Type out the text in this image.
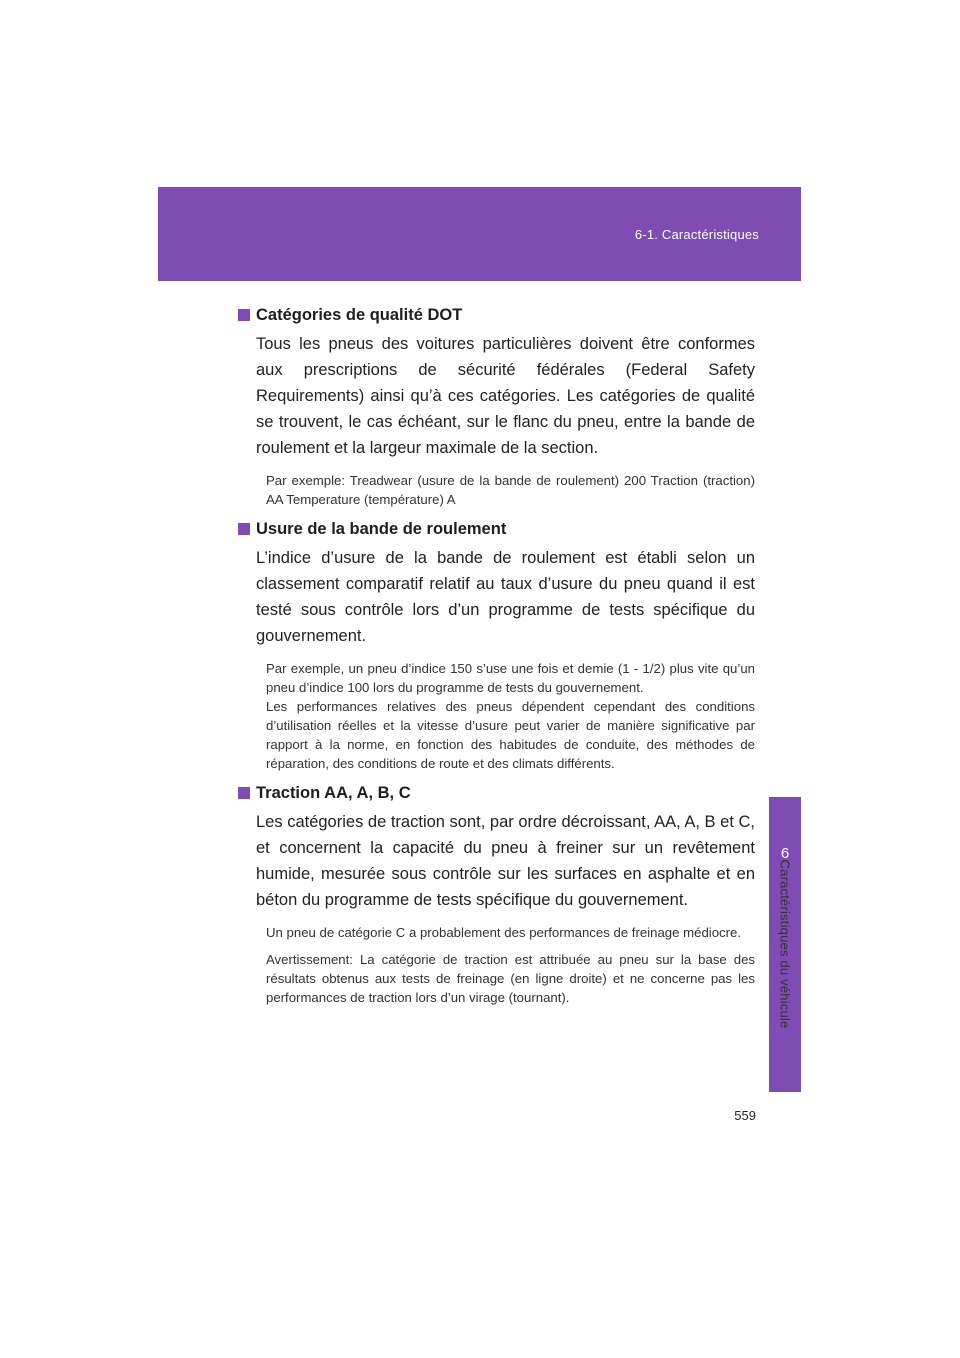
6-1. Caractéristiques
6
Caractéristiques du véhicule
Catégories de qualité DOT

Tous les pneus des voitures particulières doivent être conformes aux prescriptions de sécurité fédérales (Federal Safety Requirements) ainsi qu’à ces catégories. Les catégories de qualité se trouvent, le cas échéant, sur le flanc du pneu, entre la bande de roulement et la largeur maximale de la section.

Par exemple: Treadwear (usure de la bande de roulement) 200 Traction (traction) AA Temperature (température) A

Usure de la bande de roulement

L’indice d’usure de la bande de roulement est établi selon un classement comparatif relatif au taux d’usure du pneu quand il est testé sous contrôle lors d’un programme de tests spécifique du gouvernement.

Par exemple, un pneu d’indice 150 s’use une fois et demie (1 - 1/2) plus vite qu’un pneu d’indice 100 lors du programme de tests du gouvernement.

Les performances relatives des pneus dépendent cependant des conditions d’utilisation réelles et la vitesse d’usure peut varier de manière significative par rapport à la norme, en fonction des habitudes de conduite, des méthodes de réparation, des conditions de route et des climats différents.

Traction AA, A, B, C

Les catégories de traction sont, par ordre décroissant, AA, A, B et C, et concernent la capacité du pneu à freiner sur un revêtement humide, mesurée sous contrôle sur les surfaces en asphalte et en béton du programme de tests spécifique du gouvernement.

Un pneu de catégorie C a probablement des performances de freinage médiocre.

Avertissement: La catégorie de traction est attribuée au pneu sur la base des résultats obtenus aux tests de freinage (en ligne droite) et ne concerne pas les performances de traction lors d’un virage (tournant).

559
